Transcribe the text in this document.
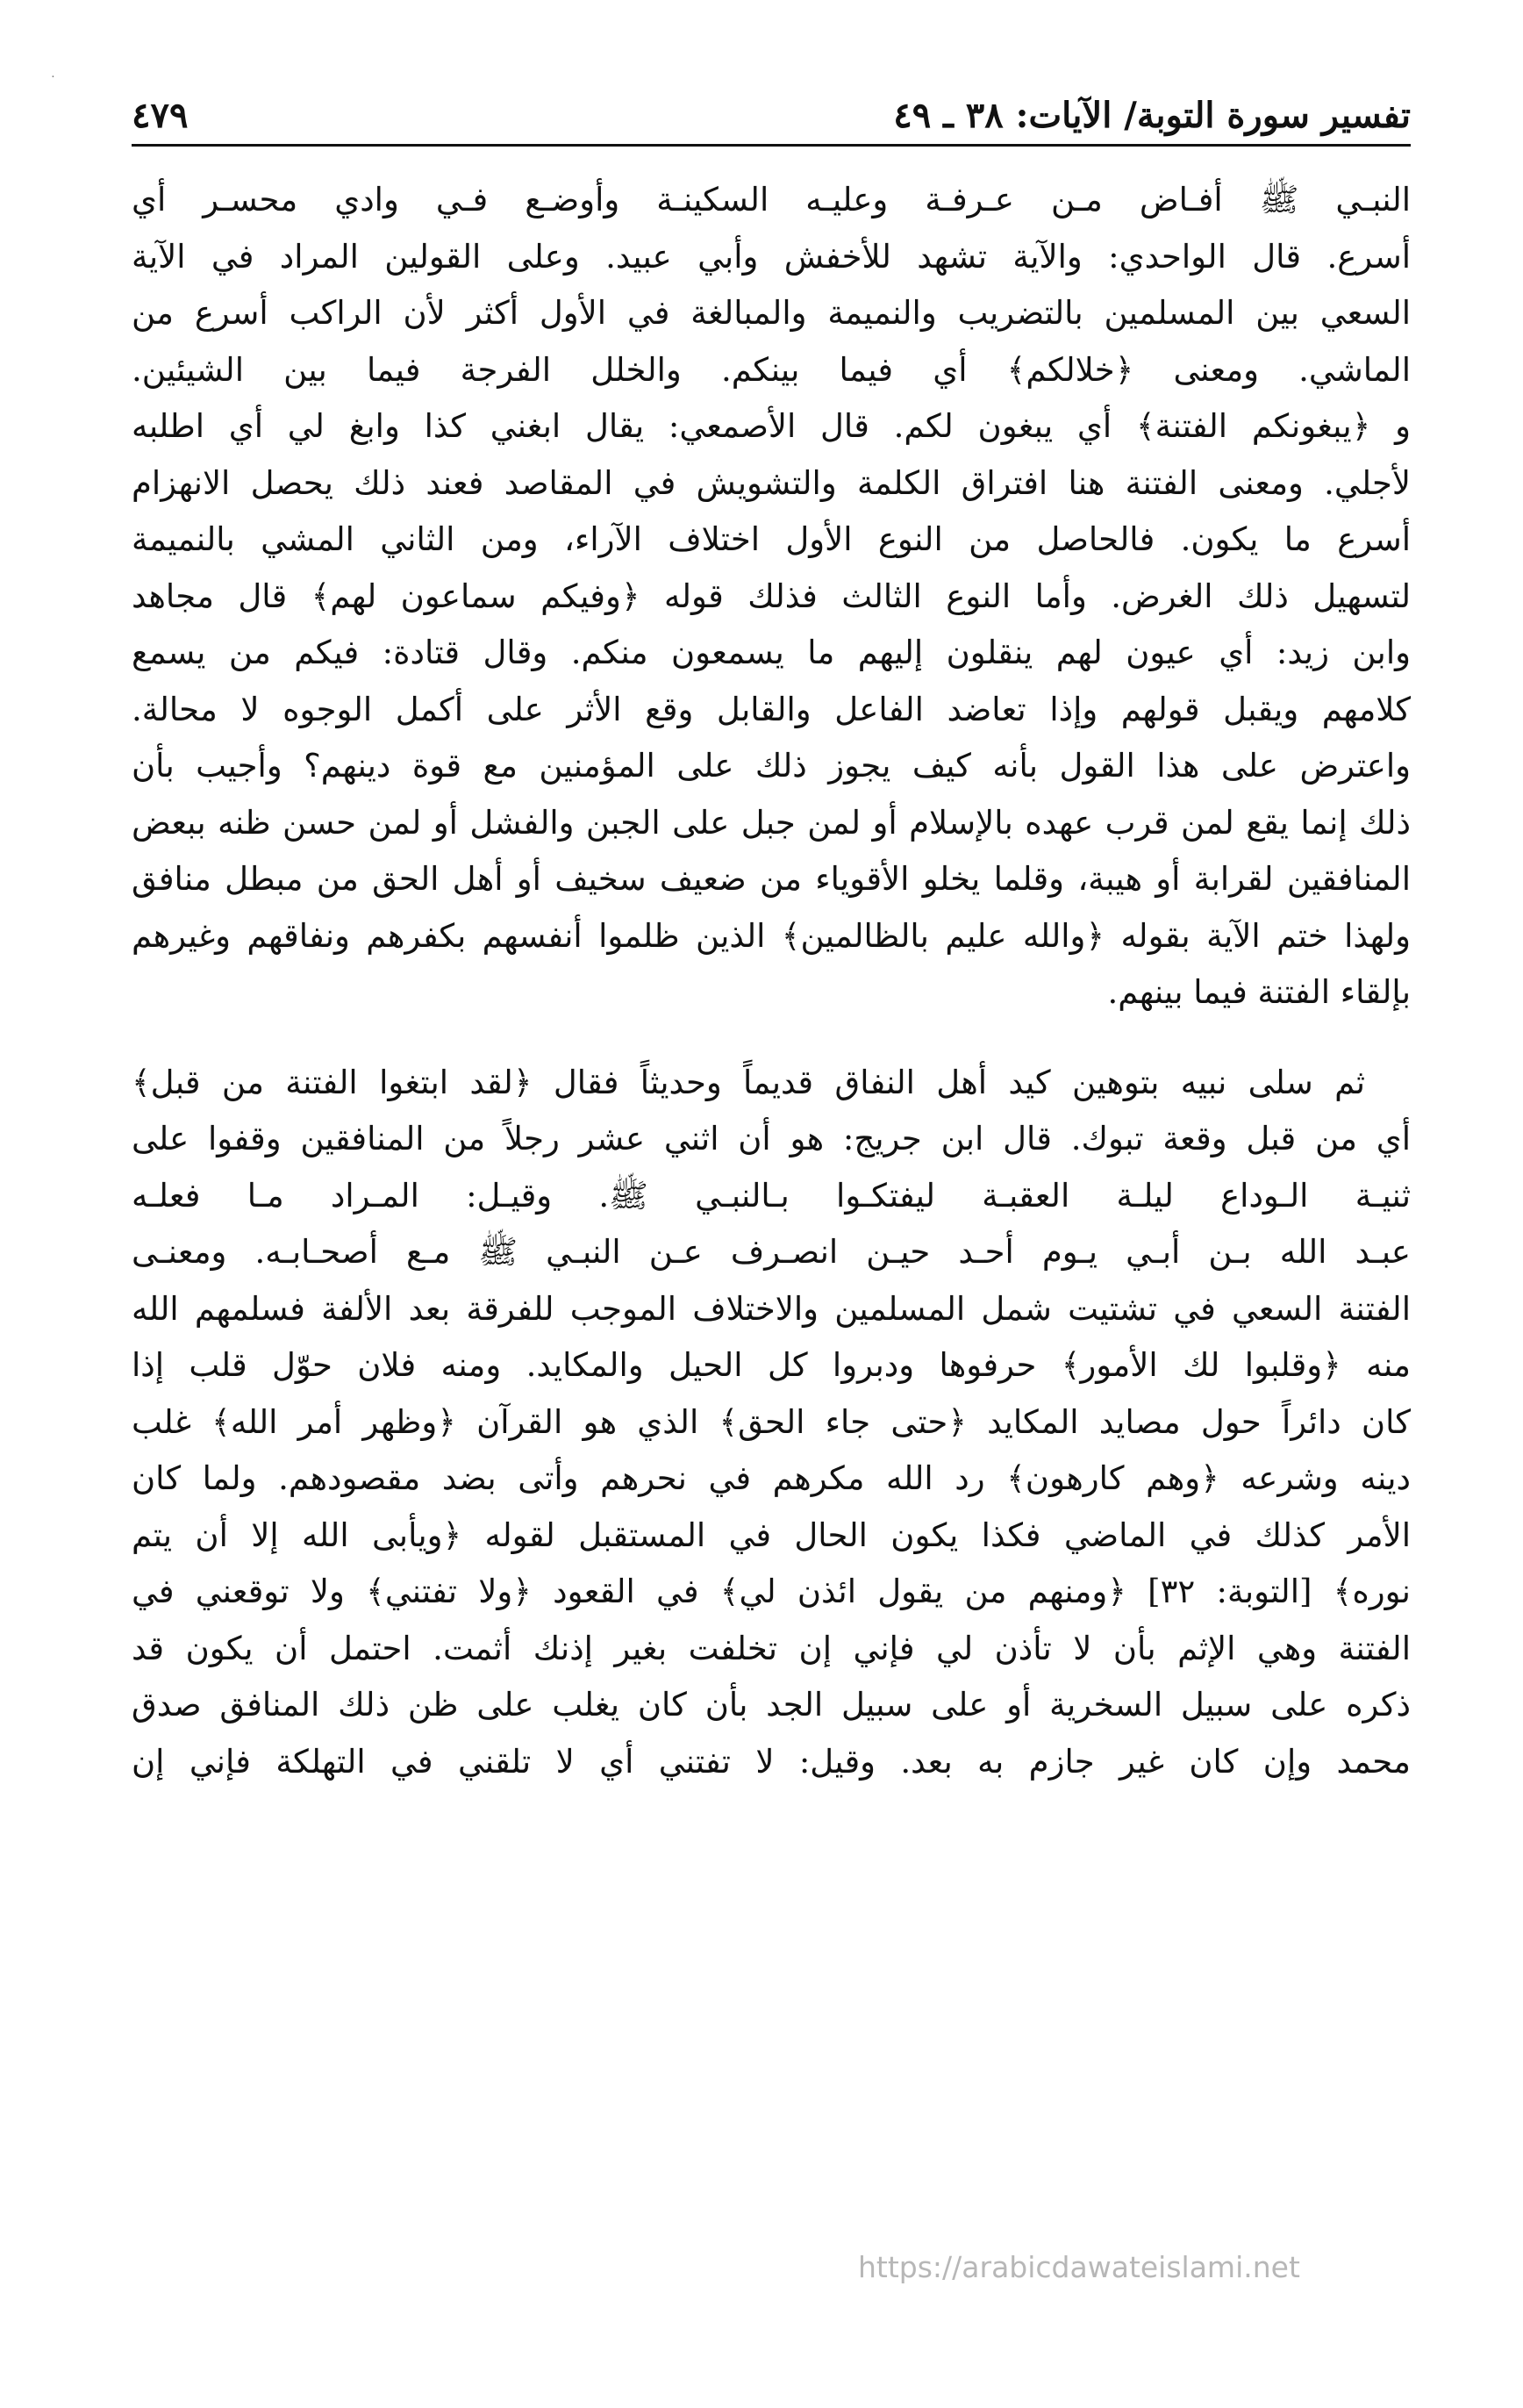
⋅
تفسير سورة التوبة/ الآيات: ٣٨ ـ ٤٩
٤٧٩
النبـي ﷺ أفـاض مـن عـرفـة وعليـه السكينـة وأوضـع فـي وادي محسـر أي
أسرع. قال الواحدي: والآية تشهد للأخفش وأبي عبيد. وعلى القولين المراد في الآية
السعي بين المسلمين بالتضريب والنميمة والمبالغة في الأول أكثر لأن الراكب أسرع من
الماشي. ومعنى ﴿خلالكم﴾ أي فيما بينكم. والخلل الفرجة فيما بين الشيئين.
و ﴿يبغونكم الفتنة﴾ أي يبغون لكم. قال الأصمعي: يقال ابغني كذا وابغ لي أي اطلبه
لأجلي. ومعنى الفتنة هنا افتراق الكلمة والتشويش في المقاصد فعند ذلك يحصل الانهزام
أسرع ما يكون. فالحاصل من النوع الأول اختلاف الآراء، ومن الثاني المشي بالنميمة
لتسهيل ذلك الغرض. وأما النوع الثالث فذلك قوله ﴿وفيكم سماعون لهم﴾ قال مجاهد
وابن زيد: أي عيون لهم ينقلون إليهم ما يسمعون منكم. وقال قتادة: فيكم من يسمع
كلامهم ويقبل قولهم وإذا تعاضد الفاعل والقابل وقع الأثر على أكمل الوجوه لا محالة.
واعترض على هذا القول بأنه كيف يجوز ذلك على المؤمنين مع قوة دينهم؟ وأجيب بأن
ذلك إنما يقع لمن قرب عهده بالإسلام أو لمن جبل على الجبن والفشل أو لمن حسن ظنه ببعض
المنافقين لقرابة أو هيبة، وقلما يخلو الأقوياء من ضعيف سخيف أو أهل الحق من مبطل منافق
ولهذا ختم الآية بقوله ﴿والله عليم بالظالمين﴾ الذين ظلموا أنفسهم بكفرهم ونفاقهم وغيرهم
بإلقاء الفتنة فيما بينهم.
ثم سلى نبيه بتوهين كيد أهل النفاق قديماً وحديثاً فقال ﴿لقد ابتغوا الفتنة من قبل﴾
أي من قبل وقعة تبوك. قال ابن جريج: هو أن اثني عشر رجلاً من المنافقين وقفوا على
ثنيـة الـوداع ليلـة العقبـة ليفتكـوا بـالنبـي ﷺ. وقيـل: المـراد مـا فعلـه
عبـد الله بـن أبـي يـوم أحـد حيـن انصـرف عـن النبـي ﷺ مـع أصحـابـه. ومعنـى
الفتنة السعي في تشتيت شمل المسلمين والاختلاف الموجب للفرقة بعد الألفة فسلمهم الله
منه ﴿وقلبوا لك الأمور﴾ حرفوها ودبروا كل الحيل والمكايد. ومنه فلان حوّل قلب إذا
كان دائراً حول مصايد المكايد ﴿حتى جاء الحق﴾ الذي هو القرآن ﴿وظهر أمر الله﴾ غلب
دينه وشرعه ﴿وهم كارهون﴾ رد الله مكرهم في نحرهم وأتى بضد مقصودهم. ولما كان
الأمر كذلك في الماضي فكذا يكون الحال في المستقبل لقوله ﴿ويأبى الله إلا أن يتم
نوره﴾ [التوبة: ٣٢] ﴿ومنهم من يقول ائذن لي﴾ في القعود ﴿ولا تفتني﴾ ولا توقعني في
الفتنة وهي الإثم بأن لا تأذن لي فإني إن تخلفت بغير إذنك أثمت. احتمل أن يكون قد
ذكره على سبيل السخرية أو على سبيل الجد بأن كان يغلب على ظن ذلك المنافق صدق
محمد وإن كان غير جازم به بعد. وقيل: لا تفتني أي لا تلقني في التهلكة فإني إن
https://arabicdawateislami.net
